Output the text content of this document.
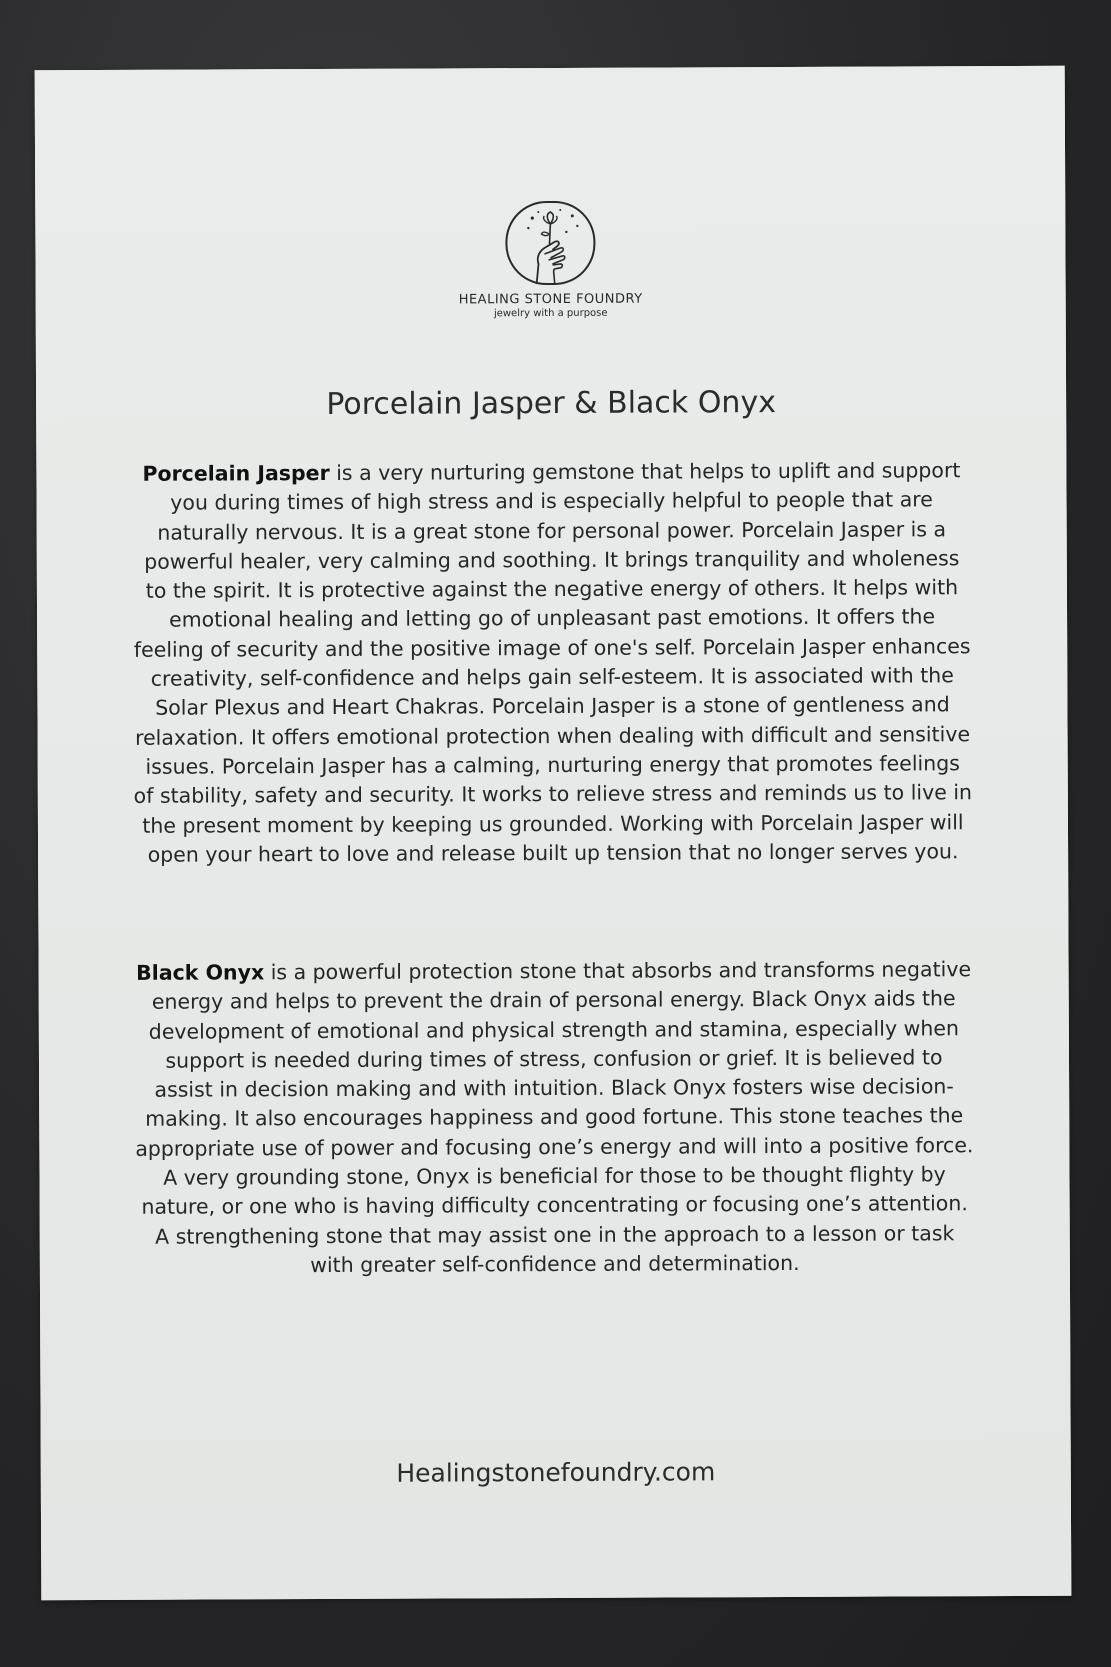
HEALING STONE FOUNDRY
jewelry with a purpose
Porcelain Jasper & Black Onyx

Porcelain Jasper is a very nurturing gemstone that helps to uplift and support you during times of high stress and is especially helpful to people that are naturally nervous. It is a great stone for personal power. Porcelain Jasper is a powerful healer, very calming and soothing. It brings tranquility and wholeness to the spirit. It is protective against the negative energy of others. It helps with emotional healing and letting go of unpleasant past emotions. It offers the feeling of security and the positive image of one's self. Porcelain Jasper enhances creativity, self-confidence and helps gain self-esteem. It is associated with the Solar Plexus and Heart Chakras. Porcelain Jasper is a stone of gentleness and relaxation. It offers emotional protection when dealing with difficult and sensitive issues. Porcelain Jasper has a calming, nurturing energy that promotes feelings of stability, safety and security. It works to relieve stress and reminds us to live in the present moment by keeping us grounded. Working with Porcelain Jasper will open your heart to love and release built up tension that no longer serves you.

Black Onyx is a powerful protection stone that absorbs and transforms negative energy and helps to prevent the drain of personal energy. Black Onyx aids the development of emotional and physical strength and stamina, especially when support is needed during times of stress, confusion or grief. It is believed to assist in decision making and with intuition. Black Onyx fosters wise decision-making. It also encourages happiness and good fortune. This stone teaches the appropriate use of power and focusing one’s energy and will into a positive force. A very grounding stone, Onyx is beneficial for those to be thought flighty by nature, or one who is having difficulty concentrating or focusing one’s attention. A strengthening stone that may assist one in the approach to a lesson or task with greater self-confidence and determination.

Healingstonefoundry.com
